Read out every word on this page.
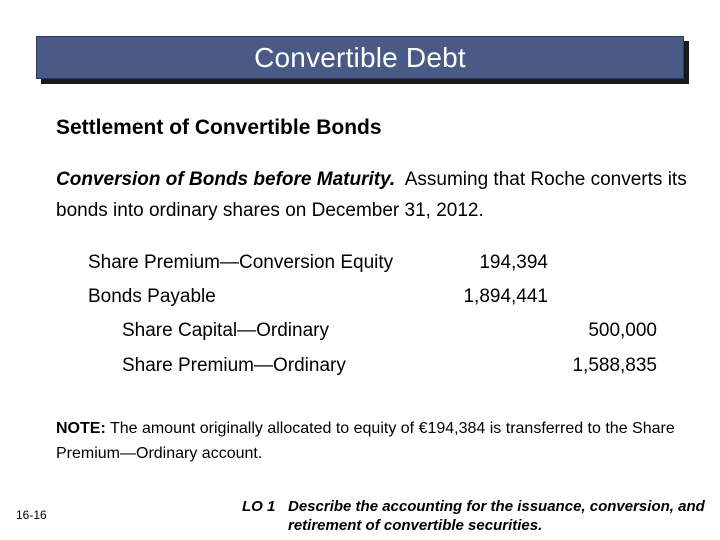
Convertible Debt
Settlement of Convertible Bonds
Conversion of Bonds before Maturity. Assuming that Roche converts its bonds into ordinary shares on December 31, 2012.
Share Premium—Conversion Equity	194,394
Bonds Payable	1,894,441
Share Capital—Ordinary	500,000
Share Premium—Ordinary	1,588,835
NOTE: The amount originally allocated to equity of €194,384 is transferred to the Share Premium—Ordinary account.
16-16	LO 1 Describe the accounting for the issuance, conversion, and retirement of convertible securities.
